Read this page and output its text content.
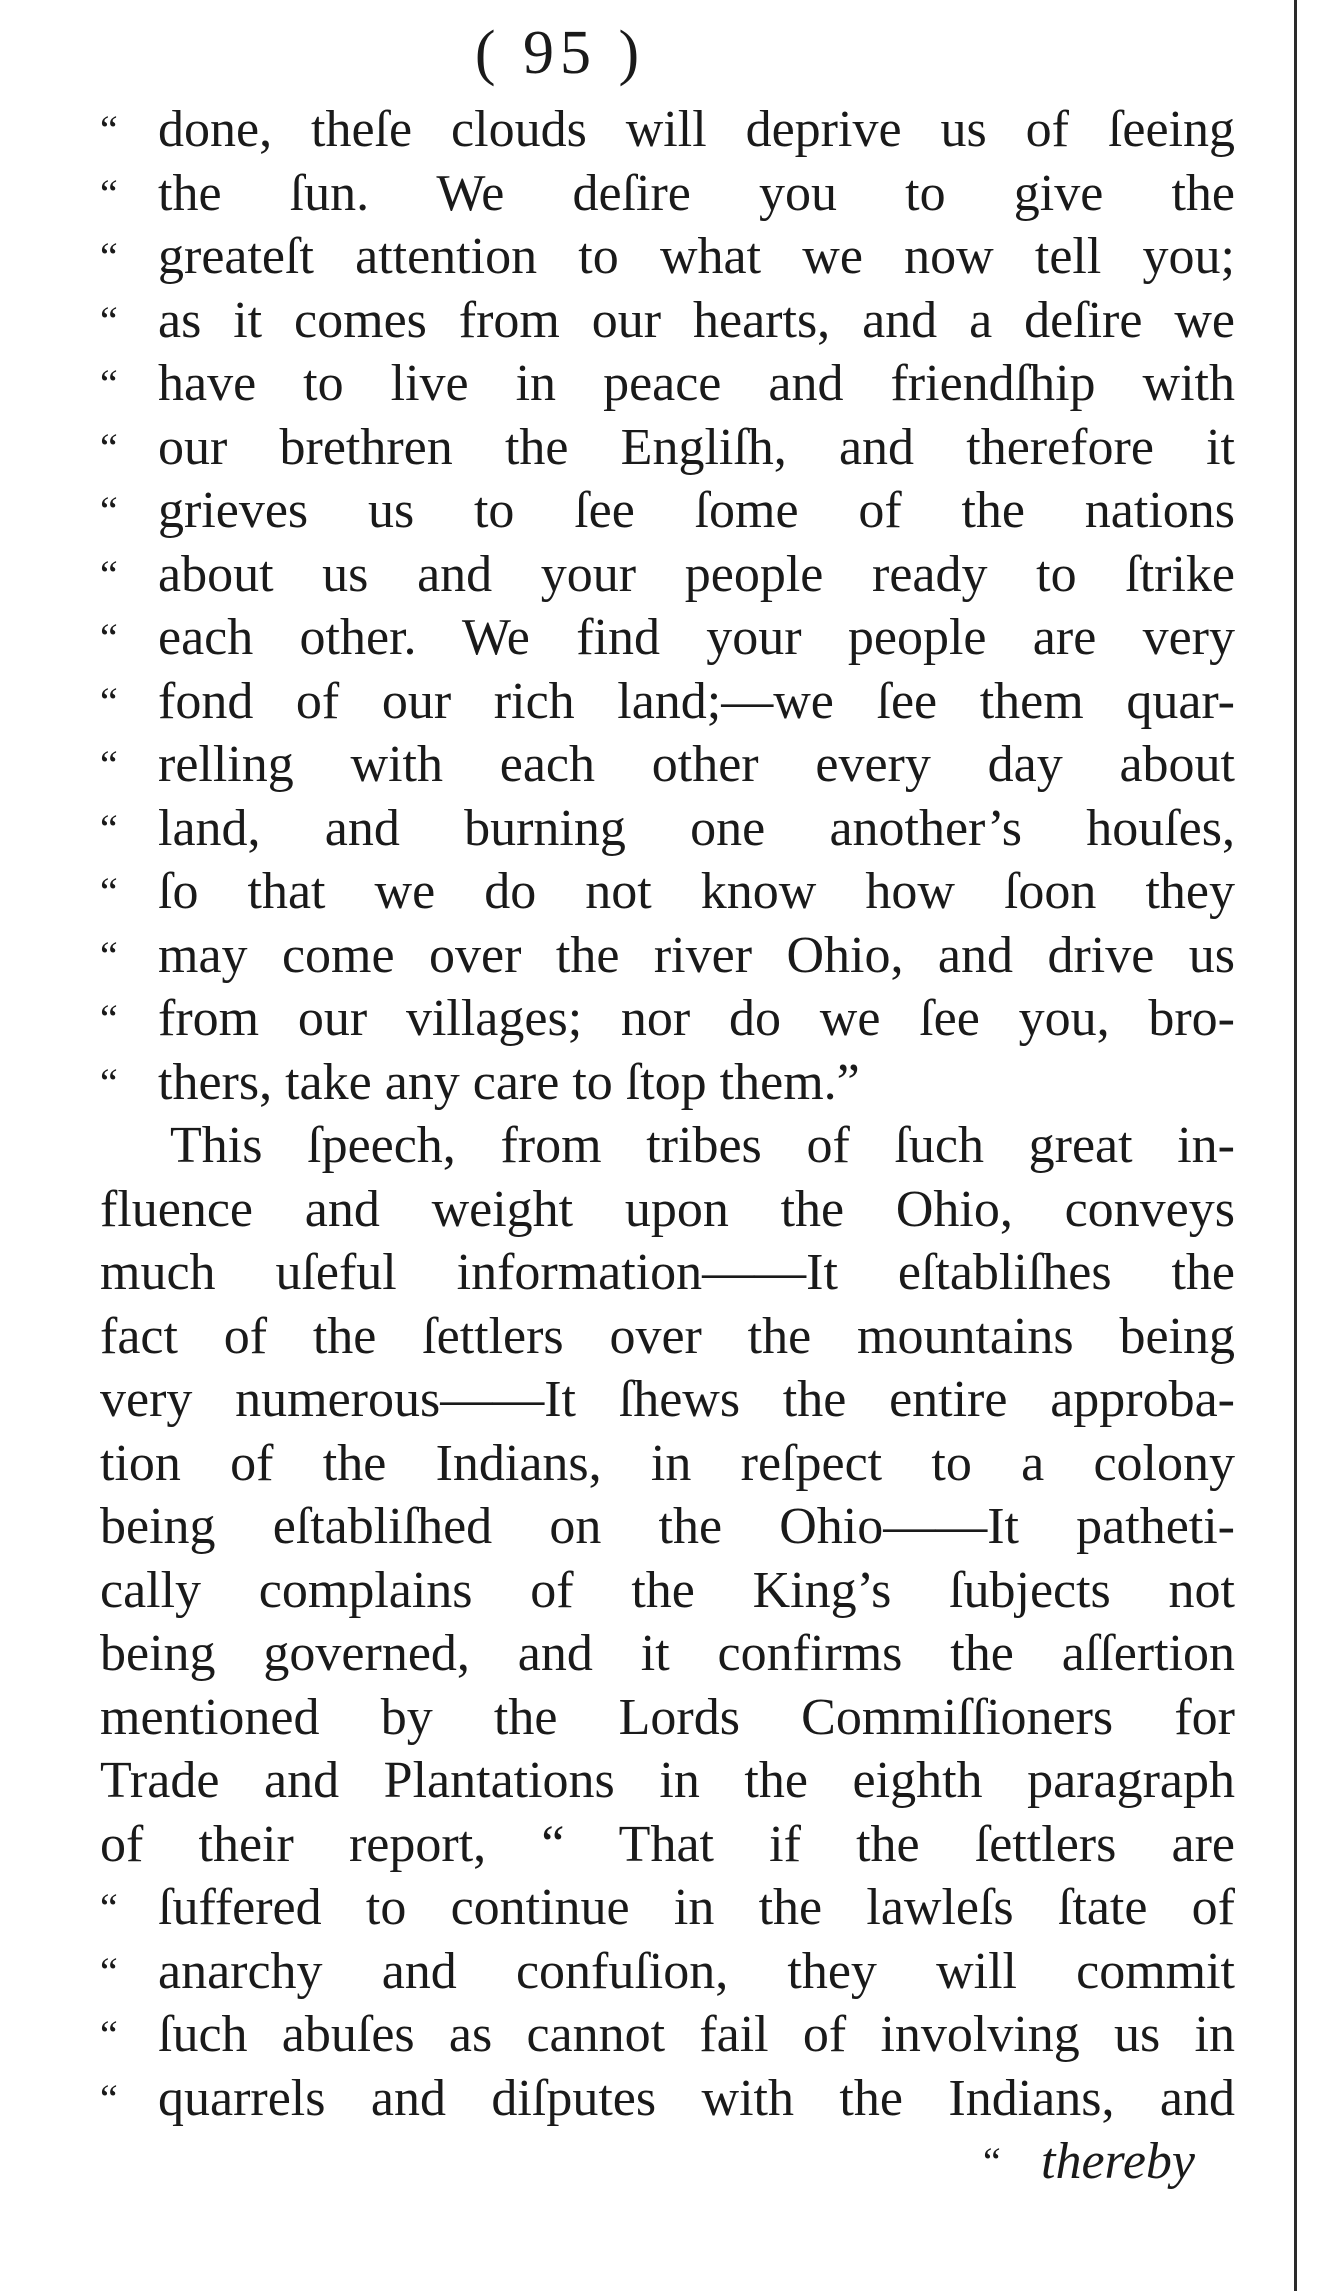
( 95 )
“ done, theſe clouds will deprive us of ſeeing
“ the ſun. We deſire you to give the
“ greateſt attention to what we now tell you;
“ as it comes from our hearts, and a deſire we
“ have to live in peace and friendſhip with
“ our brethren the Engliſh, and therefore it
“ grieves us to ſee ſome of the nations
“ about us and your people ready to ſtrike
“ each other. We find your people are very
“ fond of our rich land;—we ſee them quar-
“ relling with each other every day about
“ land, and burning one another’s houſes,
“ ſo that we do not know how ſoon they
“ may come over the river Ohio, and drive us
“ from our villages; nor do we ſee you, bro-
“ thers, take any care to ſtop them.”
This ſpeech, from tribes of ſuch great in-
fluence and weight upon the Ohio, conveys
much uſeful information——It eſtabliſhes the
fact of the ſettlers over the mountains being
very numerous——It ſhews the entire approba-
tion of the Indians, in reſpect to a colony
being eſtabliſhed on the Ohio——It patheti-
cally complains of the King’s ſubjects not
being governed, and it confirms the aſſertion
mentioned by the Lords Commiſſioners for
Trade and Plantations in the eighth paragraph
of their report, “ That if the ſettlers are
“ ſuffered to continue in the lawleſs ſtate of
“ anarchy and confuſion, they will commit
“ ſuch abuſes as cannot fail of involving us in
“ quarrels and diſputes with the Indians, and
“ thereby
